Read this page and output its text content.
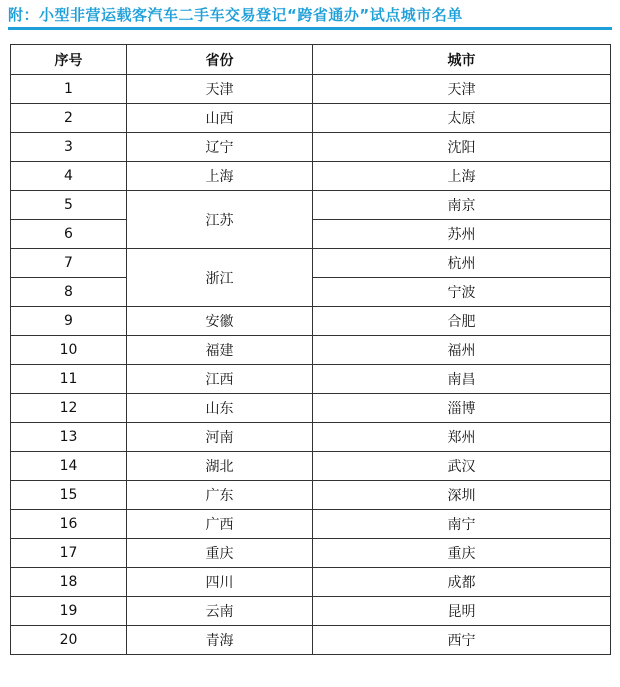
附：小型非营运载客汽车二手车交易登记“跨省通办”试点城市名单
序号	省份	城市
1	天津	天津
2	山西	太原
3	辽宁	沈阳
4	上海	上海
5	江苏	南京
6		苏州
7	浙江	杭州
8		宁波
9	安徽	合肥
10	福建	福州
11	江西	南昌
12	山东	淄博
13	河南	郑州
14	湖北	武汉
15	广东	深圳
16	广西	南宁
17	重庆	重庆
18	四川	成都
19	云南	昆明
20	青海	西宁
